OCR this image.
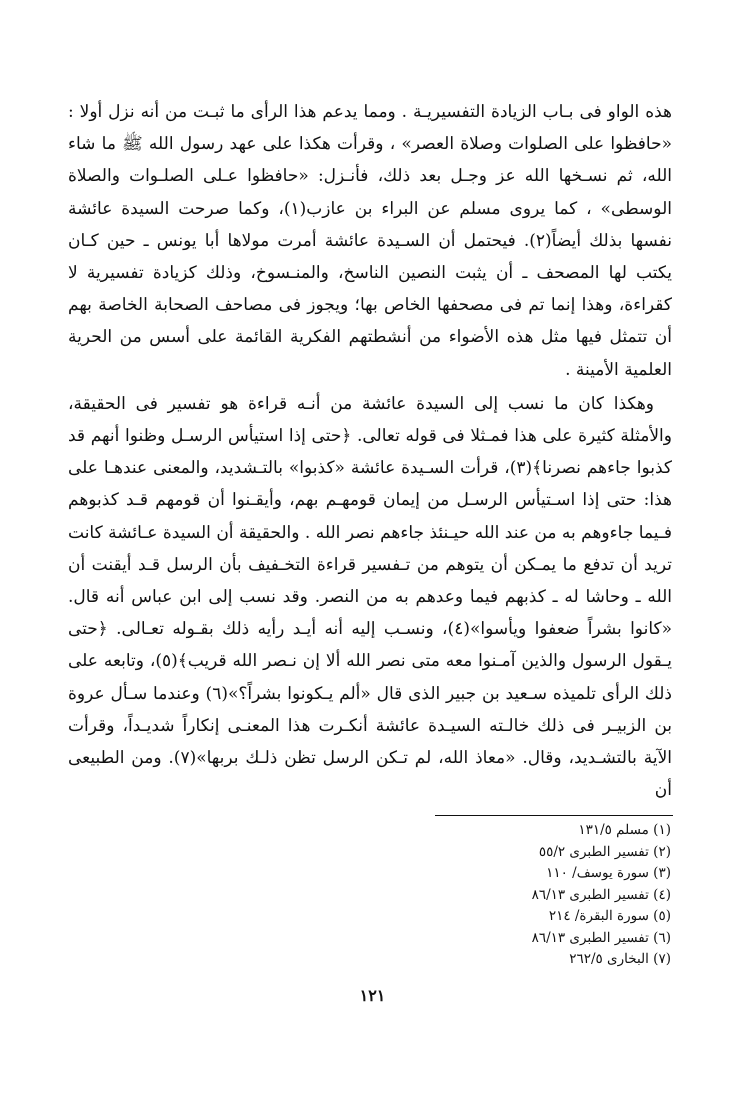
هذه الواو فى بـاب الزيادة التفسيريـة . ومما يدعم هذا الرأى ما ثبـت من أنه نزل أولا : «حافظوا على الصلوات وصلاة العصر» ، وقرأت هكذا على عهد رسول الله ﷺ ما شاء الله، ثم نسـخها الله عز وجـل بعد ذلك، فأنـزل: «حافظوا عـلى الصلـوات والصلاة الوسطى» ، كما يروى مسلم عن البراء بن عازب(١)، وكما صرحت السيدة عائشة نفسها بذلك أيضاً(٢). فيحتمل أن السـيدة عائشة أمرت مولاها أبا يونس ـ حين كـان يكتب لها المصحف ـ أن يثبت النصين الناسخ، والمنـسوخ، وذلك كزيادة تفسيرية لا كقراءة، وهذا إنما تم فى مصحفها الخاص بها؛ ويجوز فى مصاحف الصحابة الخاصة بهم أن تتمثل فيها مثل هذه الأضواء من أنشطتهم الفكرية القائمة على أسس من الحرية العلمية الأمينة .

وهكذا كان ما نسب إلى السيدة عائشة من أنـه قراءة هو تفسير فى الحقيقة، والأمثلة كثيرة على هذا فمـثلا فى قوله تعالى. ﴿حتى إذا استيأس الرسـل وظنوا أنهم قد كذبوا جاءهم نصرنا﴾(٣)، قرأت السـيدة عائشة «كذبوا» بالتـشديد، والمعنى عندهـا على هذا: حتى إذا اسـتيأس الرسـل من إيمان قومهـم بهم، وأيقـنوا أن قومهم قـد كذبوهم فـيما جاءوهم به من عند الله حيـنئذ جاءهم نصر الله . والحقيقة أن السيدة عـائشة كانت تريد أن تدفع ما يمـكن أن يتوهم من تـفسير قراءة التخـفيف بأن الرسل قـد أيقنت أن الله ـ وحاشا له ـ كذبهم فيما وعدهم به من النصر. وقد نسب إلى ابن عباس أنه قال. «كانوا بشراً ضعفوا ويأسوا»(٤)، ونسـب إليه أنه أيـد رأيه ذلك بقـوله تعـالى. ﴿حتى يـقول الرسول والذين آمـنوا معه متى نصر الله ألا إن نـصر الله قريب﴾(٥)، وتابعه على ذلك الرأى تلميذه سـعيد بن جبير الذى قال «ألم يـكونوا بشراً؟»(٦) وعندما سـأل عروة بن الزبيـر فى ذلك خالـته السيـدة عائشة أنكـرت هذا المعنـى إنكاراً شديـداً، وقرأت الآية بالتشـديد، وقال. «معاذ الله، لم تـكن الرسل تظن ذلـك بربها»(٧). ومن الطبيعى أن

(١) مسلم ١٣١/٥
(٢) تفسير الطبرى ٥٥/٢
(٣) سورة يوسف/ ١١٠
(٤) تفسير الطبرى ٨٦/١٣
(٥) سورة البقرة/ ٢١٤
(٦) تفسير الطبرى ٨٦/١٣
(٧) البخارى ٢٦٢/٥
١٢١
